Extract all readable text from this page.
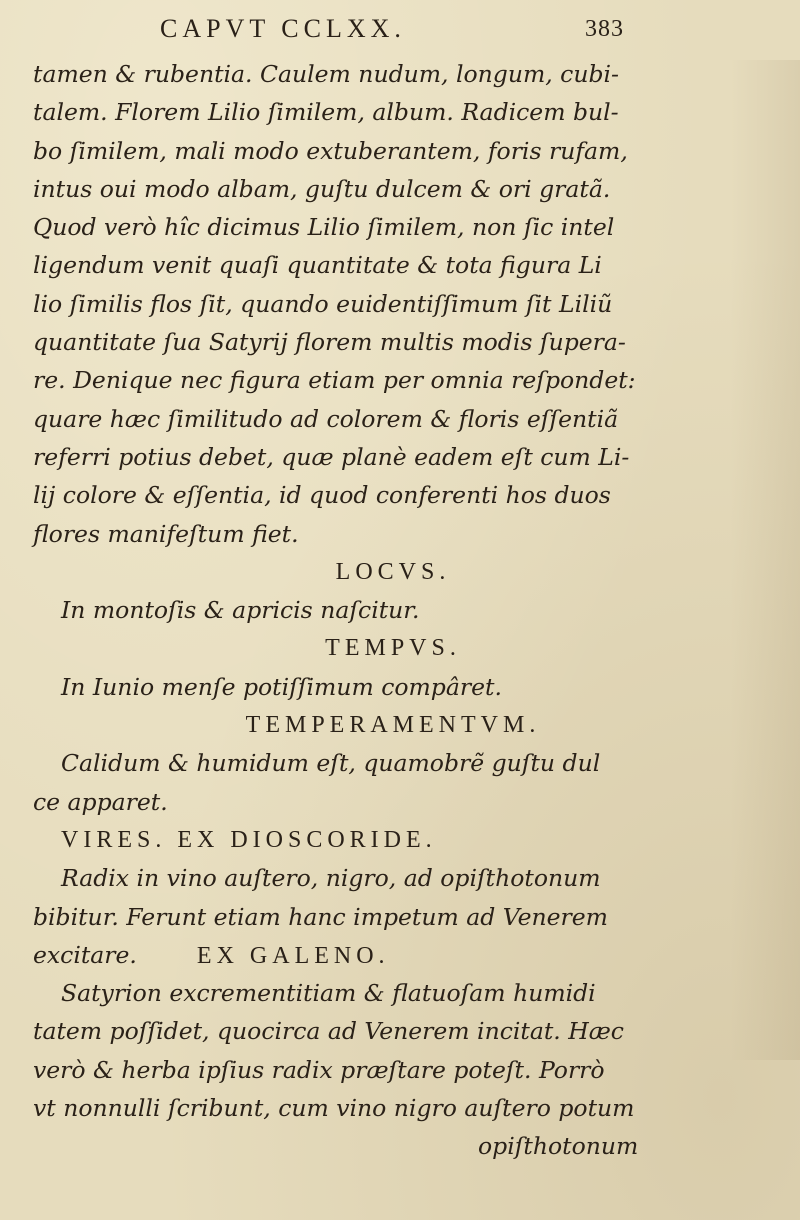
CAPVT CCLXX.	383
tamen & rubentia. Caulem nudum, longum, cubi-
talem. Florem Lilio ſimilem, album. Radicem bul-
bo ſimilem, mali modo extuberantem, foris rufam,
intus oui modo albam, guſtu dulcem & ori gratã.
Quod verò hîc dicimus Lilio ſimilem, non ſic intel
ligendum venit quaſi quantitate & tota figura Li
lio ſimilis flos ſit, quando euidentiſſimum ſit Liliũ
quantitate ſua Satyrij florem multis modis ſupera-
re. Denique nec figura etiam per omnia reſpondet:
quare hæc ſimilitudo ad colorem & floris eſſentiã
referri potius debet, quæ planè eadem eſt cum Li-
lij colore & eſſentia, id quod conferenti hos duos
flores manifeſtum fiet.
LOCVS.
In montoſis & apricis naſcitur.
TEMPVS.
In Iunio menſe potiſſimum compâret.
TEMPERAMENTVM.
Calidum & humidum eſt, quamobrẽ guſtu dul
ce apparet.
VIRES. EX DIOSCORIDE.
Radix in vino auſtero, nigro, ad opiſthotonum
bibitur. Ferunt etiam hanc impetum ad Venerem
excitare.	EX GALENO.
Satyrion excrementitiam & flatuoſam humidi
tatem poſſidet, quocirca ad Venerem incitat. Hæc
verò & herba ipſius radix præſtare poteſt. Porrò
vt nonnulli ſcribunt, cum vino nigro auſtero potum
opiſthotonum
